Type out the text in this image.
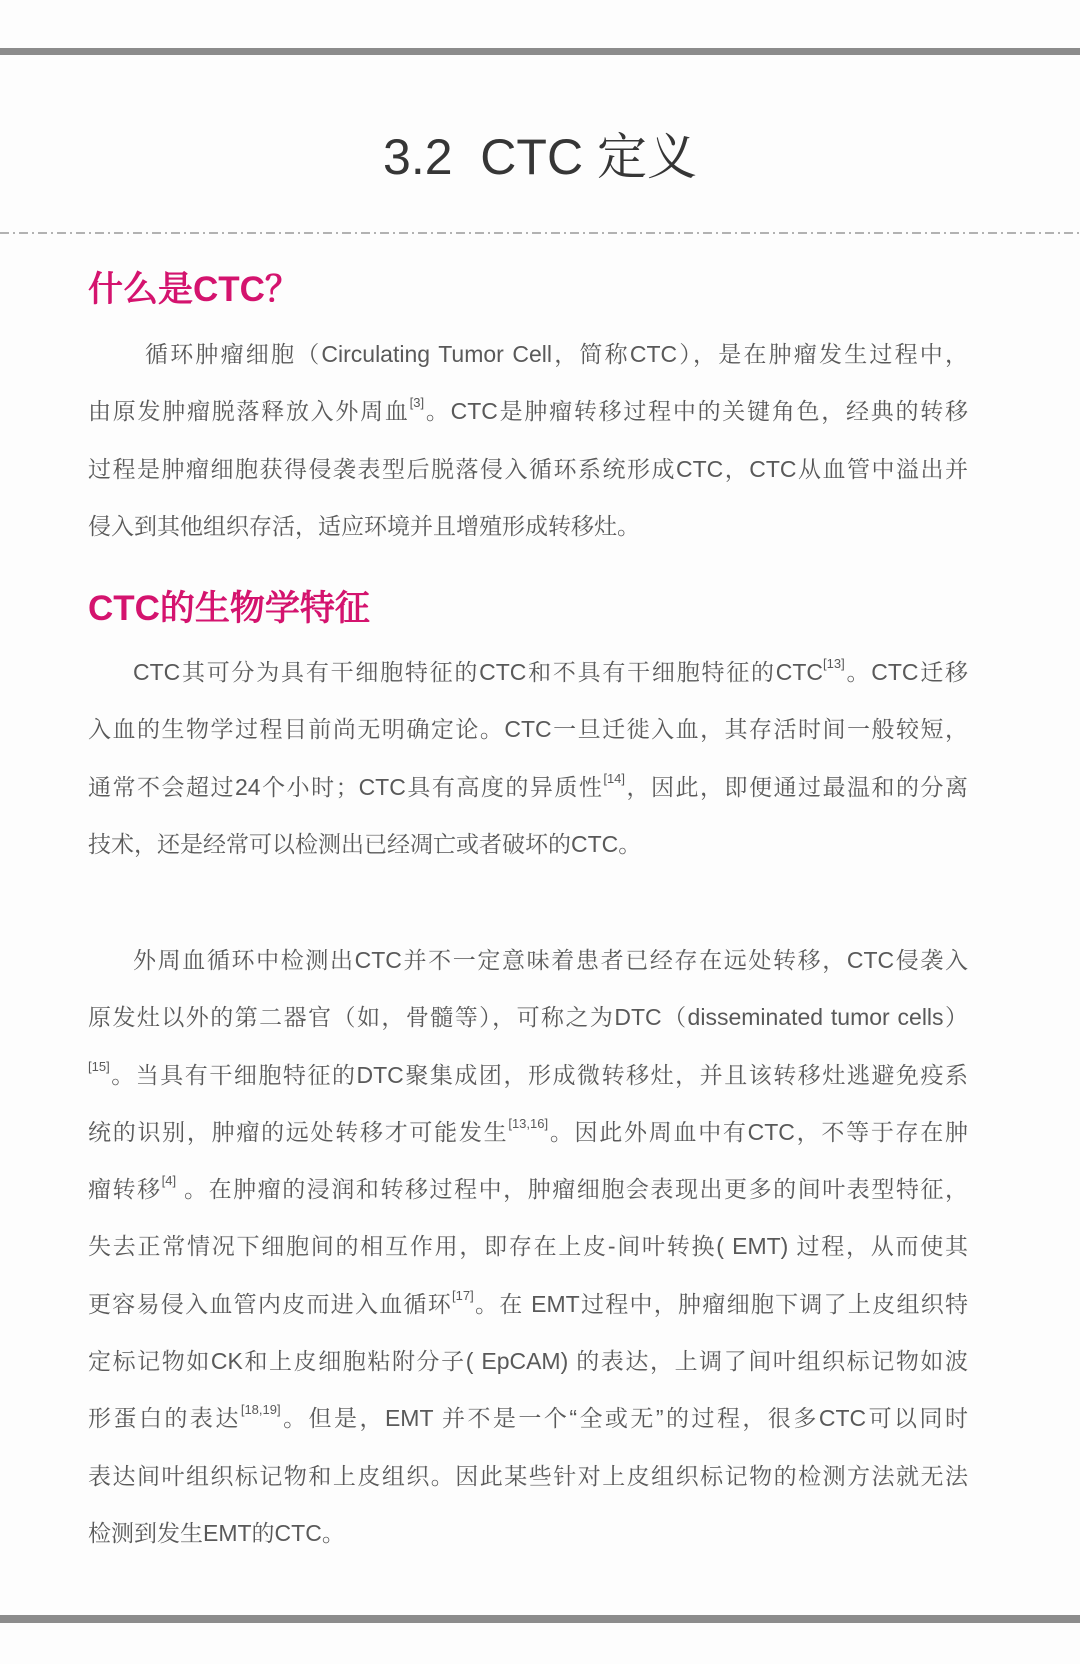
3.2  CTC 定义
什么是CTC？
循环肿瘤细胞（Circulating Tumor Cell，简称CTC），是在肿瘤发生过程中，
由原发肿瘤脱落释放入外周血[3]。CTC是肿瘤转移过程中的关键角色，经典的转移
过程是肿瘤细胞获得侵袭表型后脱落侵入循环系统形成CTC，CTC从血管中溢出并
侵入到其他组织存活，适应环境并且增殖形成转移灶。
CTC的生物学特征
CTC其可分为具有干细胞特征的CTC和不具有干细胞特征的CTC[13]。CTC迁移
入血的生物学过程目前尚无明确定论。CTC一旦迁徙入血，其存活时间一般较短，
通常不会超过24个小时；CTC具有高度的异质性[14]，因此，即便通过最温和的分离
技术，还是经常可以检测出已经凋亡或者破坏的CTC。
外周血循环中检测出CTC并不一定意味着患者已经存在远处转移，CTC侵袭入
原发灶以外的第二器官（如，骨髓等），可称之为DTC（disseminated tumor cells）
[15]。当具有干细胞特征的DTC聚集成团，形成微转移灶，并且该转移灶逃避免疫系
统的识别，肿瘤的远处转移才可能发生[13,16]。因此外周血中有CTC，不等于存在肿
瘤转移[4] 。在肿瘤的浸润和转移过程中，肿瘤细胞会表现出更多的间叶表型特征，
失去正常情况下细胞间的相互作用，即存在上皮-间叶转换( EMT) 过程，从而使其
更容易侵入血管内皮而进入血循环[17]。在 EMT过程中，肿瘤细胞下调了上皮组织特
定标记物如CK和上皮细胞粘附分子( EpCAM) 的表达，上调了间叶组织标记物如波
形蛋白的表达[18,19]。但是，EMT 并不是一个“全或无”的过程，很多CTC可以同时
表达间叶组织标记物和上皮组织。因此某些针对上皮组织标记物的检测方法就无法
检测到发生EMT的CTC。
